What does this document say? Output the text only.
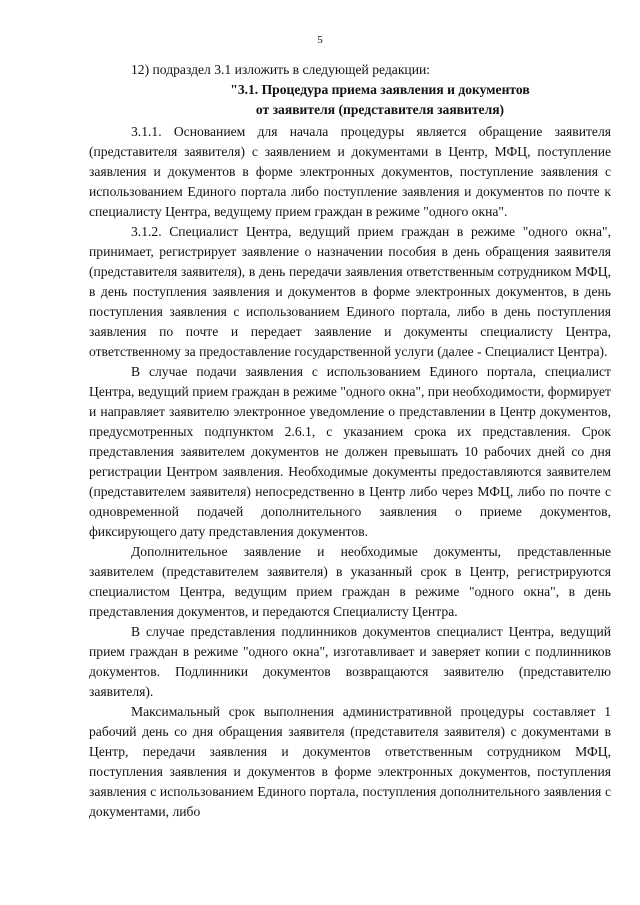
5

12) подраздел 3.1 изложить в следующей редакции:

"3.1. Процедура приема заявления и документов
от заявителя (представителя заявителя)

3.1.1. Основанием для начала процедуры является обращение заявителя (представителя заявителя) с заявлением и документами в Центр, МФЦ, поступление заявления и документов в форме электронных документов, поступление заявления с использованием Единого портала либо поступление заявления и документов по почте к специалисту Центра, ведущему прием граждан в режиме "одного окна".

3.1.2. Специалист Центра, ведущий прием граждан в режиме "одного окна", принимает, регистрирует заявление о назначении пособия в день обращения заявителя (представителя заявителя), в день передачи заявления ответственным сотрудником МФЦ, в день поступления заявления и документов в форме электронных документов, в день поступления заявления с использованием Единого портала, либо в день поступления заявления по почте и передает заявление и документы специалисту Центра, ответственному за предоставление государственной услуги (далее - Специалист Центра).

В случае подачи заявления с использованием Единого портала, специалист Центра, ведущий прием граждан в режиме "одного окна", при необходимости, формирует и направляет заявителю электронное уведомление о представлении в Центр документов, предусмотренных подпунктом 2.6.1, с указанием срока их представления. Срок представления заявителем документов не должен превышать 10 рабочих дней со дня регистрации Центром заявления. Необходимые документы предоставляются заявителем (представителем заявителя) непосредственно в Центр либо через МФЦ, либо по почте с одновременной подачей дополнительного заявления о приеме документов, фиксирующего дату представления документов.

Дополнительное заявление и необходимые документы, представленные заявителем (представителем заявителя) в указанный срок в Центр, регистрируются специалистом Центра, ведущим прием граждан в режиме "одного окна", в день представления документов, и передаются Специалисту Центра.

В случае представления подлинников документов специалист Центра, ведущий прием граждан в режиме "одного окна", изготавливает и заверяет копии с подлинников документов. Подлинники документов возвращаются заявителю (представителю заявителя).

Максимальный срок выполнения административной процедуры составляет 1 рабочий день со дня обращения заявителя (представителя заявителя) с документами в Центр, передачи заявления и документов ответственным сотрудником МФЦ, поступления заявления и документов в форме электронных документов, поступления заявления с использованием Единого портала, поступления дополнительного заявления с документами, либо
